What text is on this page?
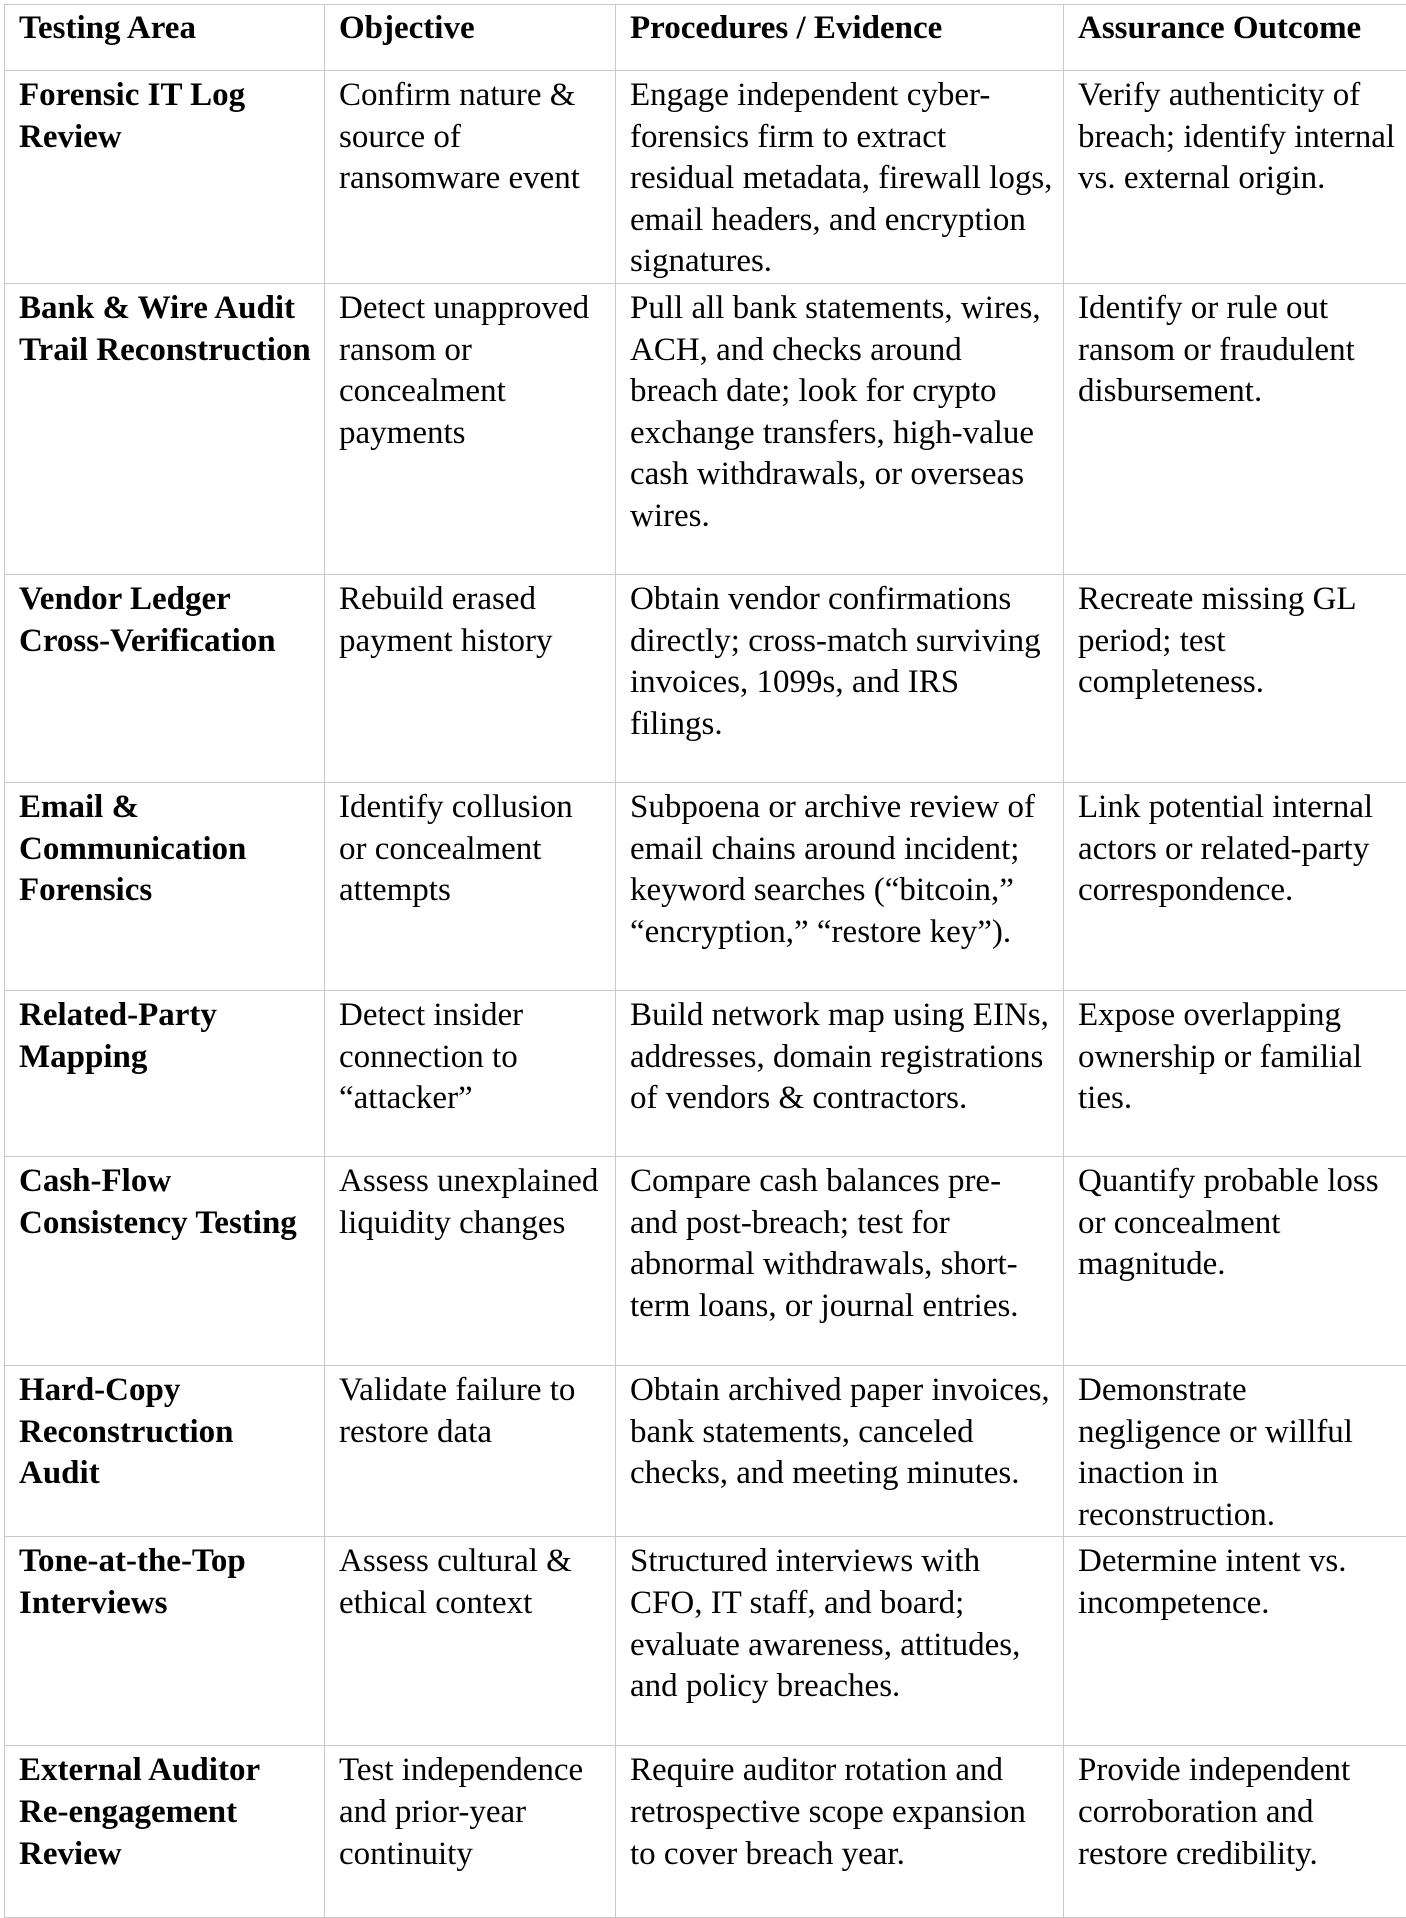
Testing Area	Objective	Procedures / Evidence	Assurance Outcome
Forensic IT Log Review	Confirm nature & source of ransomware event	Engage independent cyber-forensics firm to extract residual metadata, firewall logs, email headers, and encryption signatures.	Verify authenticity of breach; identify internal vs. external origin.
Bank & Wire Audit Trail Reconstruction	Detect unapproved ransom or concealment payments	Pull all bank statements, wires, ACH, and checks around breach date; look for crypto exchange transfers, high-value cash withdrawals, or overseas wires.	Identify or rule out ransom or fraudulent disbursement.
Vendor Ledger Cross-Verification	Rebuild erased payment history	Obtain vendor confirmations directly; cross-match surviving invoices, 1099s, and IRS filings.	Recreate missing GL period; test completeness.
Email & Communication Forensics	Identify collusion or concealment attempts	Subpoena or archive review of email chains around incident; keyword searches (“bitcoin,” “encryption,” “restore key”).	Link potential internal actors or related-party correspondence.
Related-Party Mapping	Detect insider connection to “attacker”	Build network map using EINs, addresses, domain registrations of vendors & contractors.	Expose overlapping ownership or familial ties.
Cash-Flow Consistency Testing	Assess unexplained liquidity changes	Compare cash balances pre- and post-breach; test for abnormal withdrawals, short-term loans, or journal entries.	Quantify probable loss or concealment magnitude.
Hard-Copy Reconstruction Audit	Validate failure to restore data	Obtain archived paper invoices, bank statements, canceled checks, and meeting minutes.	Demonstrate negligence or willful inaction in reconstruction.
Tone-at-the-Top Interviews	Assess cultural & ethical context	Structured interviews with CFO, IT staff, and board; evaluate awareness, attitudes, and policy breaches.	Determine intent vs. incompetence.
External Auditor Re-engagement Review	Test independence and prior-year continuity	Require auditor rotation and retrospective scope expansion to cover breach year.	Provide independent corroboration and restore credibility.
